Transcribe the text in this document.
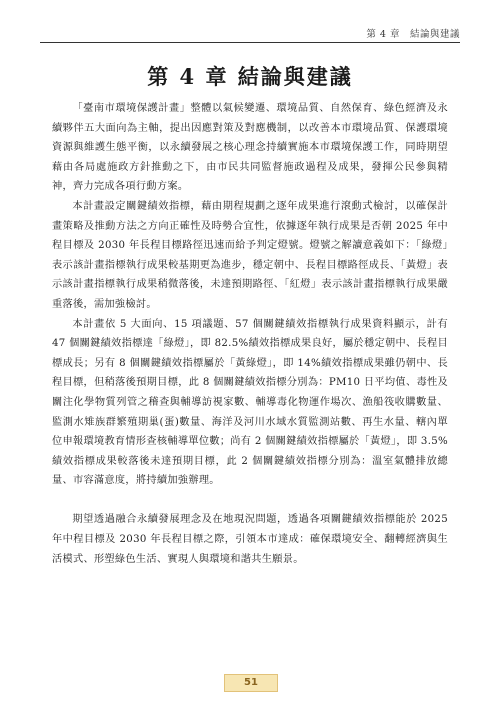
第 4 章　結論與建議
第 4 章 結論與建議

「臺南市環境保護計畫」整體以氣候變遷、環境品質、自然保育、綠色經濟及永續夥伴五大面向為主軸，提出因應對策及對應機制，以改善本市環境品質、保護環境資源與維護生態平衡，以永續發展之核心理念持續實施本市環境保護工作，同時期望藉由各局處施政方針推動之下，由市民共同監督施政過程及成果，發揮公民參與精神，齊力完成各項行動方案。

本計畫設定關鍵績效指標，藉由期程規劃之逐年成果進行滾動式檢討，以確保計畫策略及推動方法之方向正確性及時勢合宜性，依據逐年執行成果是否朝 2025 年中程目標及 2030 年長程目標路徑迅速而給予判定燈號。燈號之解讀意義如下：「綠燈」表示該計畫指標執行成果較基期更為進步，穩定朝中、長程目標路徑成長、「黃燈」表示該計畫指標執行成果稍微落後，未達預期路徑、「紅燈」表示該計畫指標執行成果嚴重落後，需加強檢討。

本計畫依 5 大面向、15 項議題、57 個關鍵績效指標執行成果資料顯示，計有 47 個關鍵績效指標達「綠燈」，即 82.5%績效指標成果良好，屬於穩定朝中、長程目標成長；另有 8 個關鍵績效指標屬於「黃綠燈」，即 14%績效指標成果雖仍朝中、長程目標，但稍落後預期目標，此 8 個關鍵績效指標分別為：PM10 日平均值、毒性及關注化學物質列管之稽查與輔導訪視家數、輔導毒化物運作場次、漁船筏收購數量、監測水雉族群繁殖期巢(蛋)數量、海洋及河川水域水質監測站數、再生水量、轄內單位申報環境教育情形查核輔導單位數；尚有 2 個關鍵績效指標屬於「黃燈」，即 3.5%績效指標成果較落後未達預期目標，此 2 個關鍵績效指標分別為：溫室氣體排放總量、市容滿意度，將持續加強辦理。

期望透過融合永續發展理念及在地現況問題，透過各項關鍵績效指標能於 2025 年中程目標及 2030 年長程目標之際，引領本市達成：確保環境安全、翻轉經濟與生活模式、形塑綠色生活、實現人與環境和諧共生願景。

51
